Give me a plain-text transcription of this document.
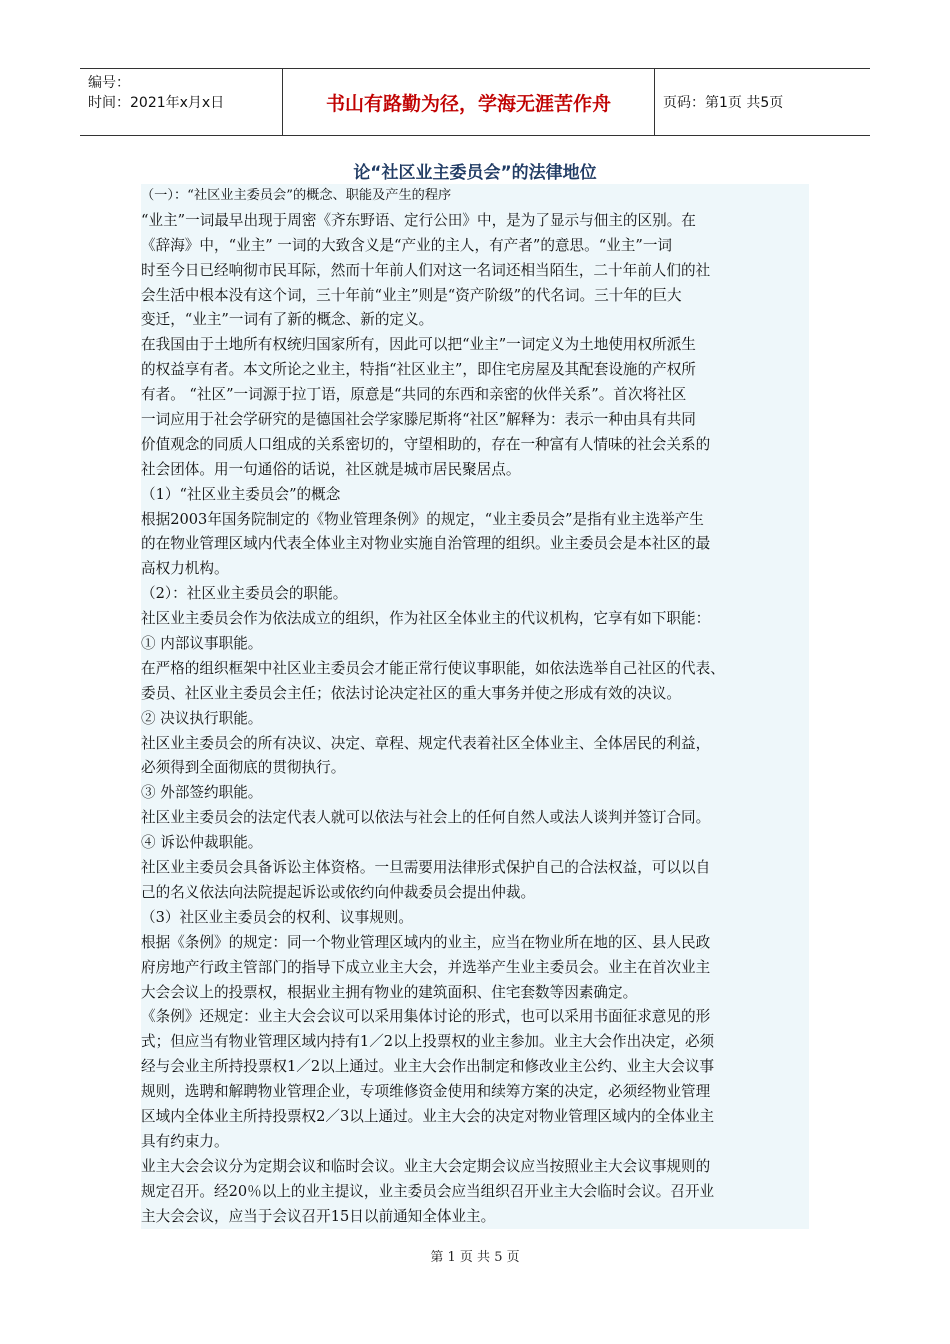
编号：
时间：2021年x月x日	书山有路勤为径，学海无涯苦作舟	页码：第1页 共5页
论“社区业主委员会”的法律地位
（一）：“社区业主委员会”的概念、职能及产生的程序
“业主”一词最早出现于周密《齐东野语、定行公田》中，是为了显示与佃主的区别。在
《辞海》中，“业主” 一词的大致含义是“产业的主人，有产者”的意思。“业主”一词
时至今日已经响彻市民耳际，然而十年前人们对这一名词还相当陌生，二十年前人们的社
会生活中根本没有这个词，三十年前“业主”则是“资产阶级”的代名词。三十年的巨大
变迁，“业主”一词有了新的概念、新的定义。
在我国由于土地所有权统归国家所有，因此可以把“业主”一词定义为土地使用权所派生
的权益享有者。本文所论之业主，特指“社区业主”，即住宅房屋及其配套设施的产权所
有者。 “社区”一词源于拉丁语，原意是“共同的东西和亲密的伙伴关系”。首次将社区
一词应用于社会学研究的是德国社会学家滕尼斯将“社区”解释为：表示一种由具有共同
价值观念的同质人口组成的关系密切的，守望相助的，存在一种富有人情味的社会关系的
社会团体。用一句通俗的话说，社区就是城市居民聚居点。
（1）“社区业主委员会”的概念
根据2003年国务院制定的《物业管理条例》的规定，“业主委员会”是指有业主选举产生
的在物业管理区域内代表全体业主对物业实施自治管理的组织。业主委员会是本社区的最
高权力机构。
（2）：社区业主委员会的职能。
社区业主委员会作为依法成立的组织，作为社区全体业主的代议机构，它享有如下职能：
① 内部议事职能。
在严格的组织框架中社区业主委员会才能正常行使议事职能，如依法选举自己社区的代表、
委员、社区业主委员会主任；依法讨论决定社区的重大事务并使之形成有效的决议。
② 决议执行职能。
社区业主委员会的所有决议、决定、章程、规定代表着社区全体业主、全体居民的利益，
必须得到全面彻底的贯彻执行。
③ 外部签约职能。
社区业主委员会的法定代表人就可以依法与社会上的任何自然人或法人谈判并签订合同。
④ 诉讼仲裁职能。
社区业主委员会具备诉讼主体资格。一旦需要用法律形式保护自己的合法权益，可以以自
己的名义依法向法院提起诉讼或依约向仲裁委员会提出仲裁。
（3）社区业主委员会的权利、议事规则。
根据《条例》的规定：同一个物业管理区域内的业主，应当在物业所在地的区、县人民政
府房地产行政主管部门的指导下成立业主大会，并选举产生业主委员会。业主在首次业主
大会会议上的投票权，根据业主拥有物业的建筑面积、住宅套数等因素确定。
《条例》还规定：业主大会会议可以采用集体讨论的形式，也可以采用书面征求意见的形
式；但应当有物业管理区域内持有1／2以上投票权的业主参加。业主大会作出决定，必须
经与会业主所持投票权1／2以上通过。业主大会作出制定和修改业主公约、业主大会议事
规则，选聘和解聘物业管理企业，专项维修资金使用和续筹方案的决定，必须经物业管理
区域内全体业主所持投票权2／3以上通过。业主大会的决定对物业管理区域内的全体业主
具有约束力。
业主大会会议分为定期会议和临时会议。业主大会定期会议应当按照业主大会议事规则的
规定召开。经20％以上的业主提议，业主委员会应当组织召开业主大会临时会议。召开业
主大会会议，应当于会议召开15日以前通知全体业主。
第 1 页 共 5 页
